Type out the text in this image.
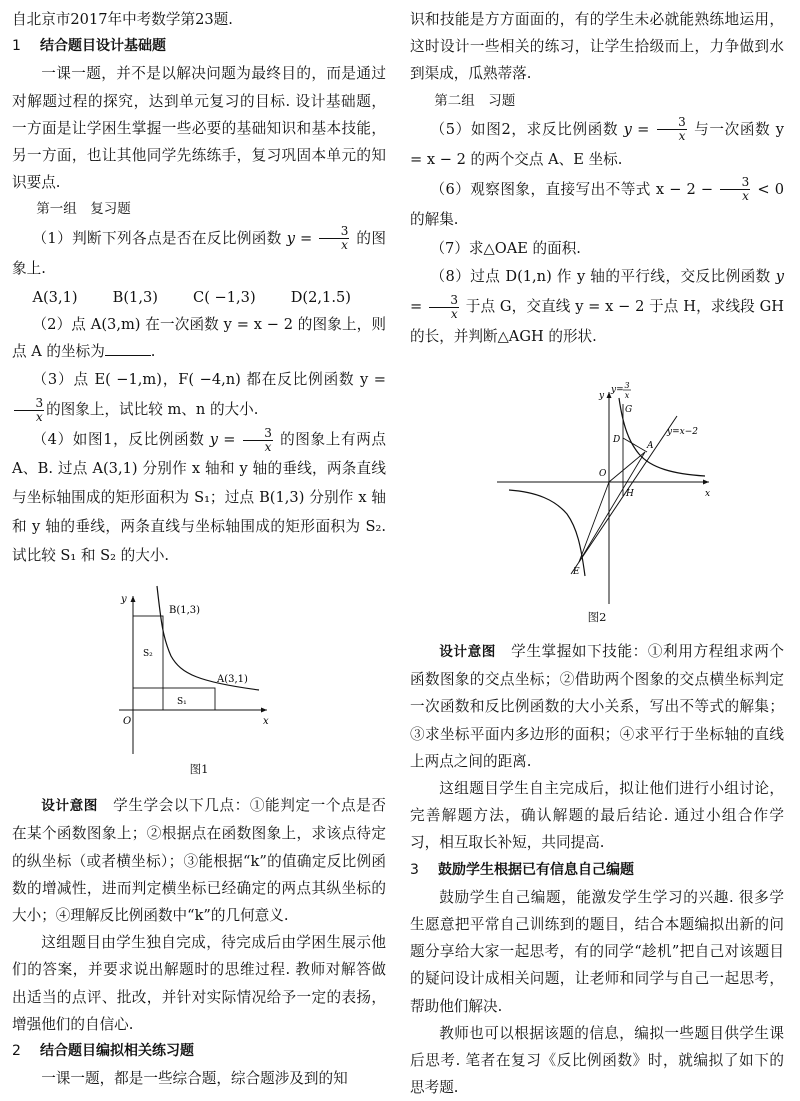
自北京市2017年中考数学第23题.

1 结合题目设计基础题

一课一题，并不是以解决问题为最终目的，而是通过对解题过程的探究，达到单元复习的目标. 设计基础题，一方面是让学困生掌握一些必要的基础知识和基本技能，另一方面，也让其他同学先练练手，复习巩固本单元的知识要点.

第一组　复习题

（1）判断下列各点是否在反比例函数 $y = \frac{3}{x}$ 的图象上.

A(3,1) B(1,3) C( −1,3) D(2,1.5)

（2）点 A(3,m) 在一次函数 y = x − 2 的图象上，则点 A 的坐标为	.

（3）点 E( −1,m)，F( −4,n) 都在反比例函数 y =
$\frac{3}{x}$ 的图象上，试比较 m、n 的大小.

（4）如图1，反比例函数 $y = \frac{3}{x}$ 的图象上有两点 A、B. 过点 A(3,1) 分别作 x 轴和 y 轴的垂线，两条直线与坐标轴围成的矩形面积为 S₁；过点 B(1,3) 分别作 x 轴和 y 轴的垂线，两条直线与坐标轴围成的矩形面积为 S₂. 试比较 S₁ 和 S₂ 的大小.

B(1,3)
A(3,1)
S₁
S₂
O	x
y

图1

设计意图　学生学会以下几点：①能判定一个点是否在某个函数图象上；②根据点在函数图象上，求该点待定的纵坐标（或者横坐标）；③能根据“k”的值确定反比例函数的增减性，进而判定横坐标已经确定的两点其纵坐标的大小；④理解反比例函数中“k”的几何意义.

这组题目由学生独自完成，待完成后由学困生展示他们的答案，并要求说出解题时的思维过程. 教师对解答做出适当的点评、批改，并针对实际情况给予一定的表扬，增强他们的自信心.

2 结合题目编拟相关练习题

一课一题，都是一些综合题，综合题涉及到的知

识和技能是方方面面的，有的学生未必就能熟练地运用，这时设计一些相关的练习，让学生拾级而上，力争做到水到渠成，瓜熟蒂落.

第二组　习题

（5）如图2，求反比例函数 $y = \frac{3}{x}$ 与一次函数 y = x − 2 的两个交点 A、E 坐标.

（6）观察图象，直接写出不等式 $x - 2 - \frac{3}{x} < 0$ 的解集.

（7）求△OAE 的面积.

（8）过点 D(1,n) 作 y 轴的平行线，交反比例函数 $y = \frac{3}{x}$ 于点 G，交直线 y = x − 2 于点 H，求线段 GH 的长，并判断△AGH 的形状.

y= 3
x
y=x−2
G
A
D
O
H
E
x
y

图2

设计意图　学生掌握如下技能：①利用方程组求两个函数图象的交点坐标；②借助两个图象的交点横坐标判定一次函数和反比例函数的大小关系，写出不等式的解集；③求坐标平面内多边形的面积；④求平行于坐标轴的直线上两点之间的距离.

这组题目学生自主完成后，拟让他们进行小组讨论，完善解题方法，确认解题的最后结论. 通过小组合作学习，相互取长补短，共同提高.

3 鼓励学生根据已有信息自己编题

鼓励学生自己编题，能激发学生学习的兴趣. 很多学生愿意把平常自己训练到的题目，结合本题编拟出新的问题分享给大家一起思考，有的同学“趁机”把自己对该题目的疑问设计成相关问题，让老师和同学与自己一起思考，帮助他们解决.

教师也可以根据该题的信息，编拟一些题目供学生课后思考. 笔者在复习《反比例函数》时，就编拟了如下的思考题.
